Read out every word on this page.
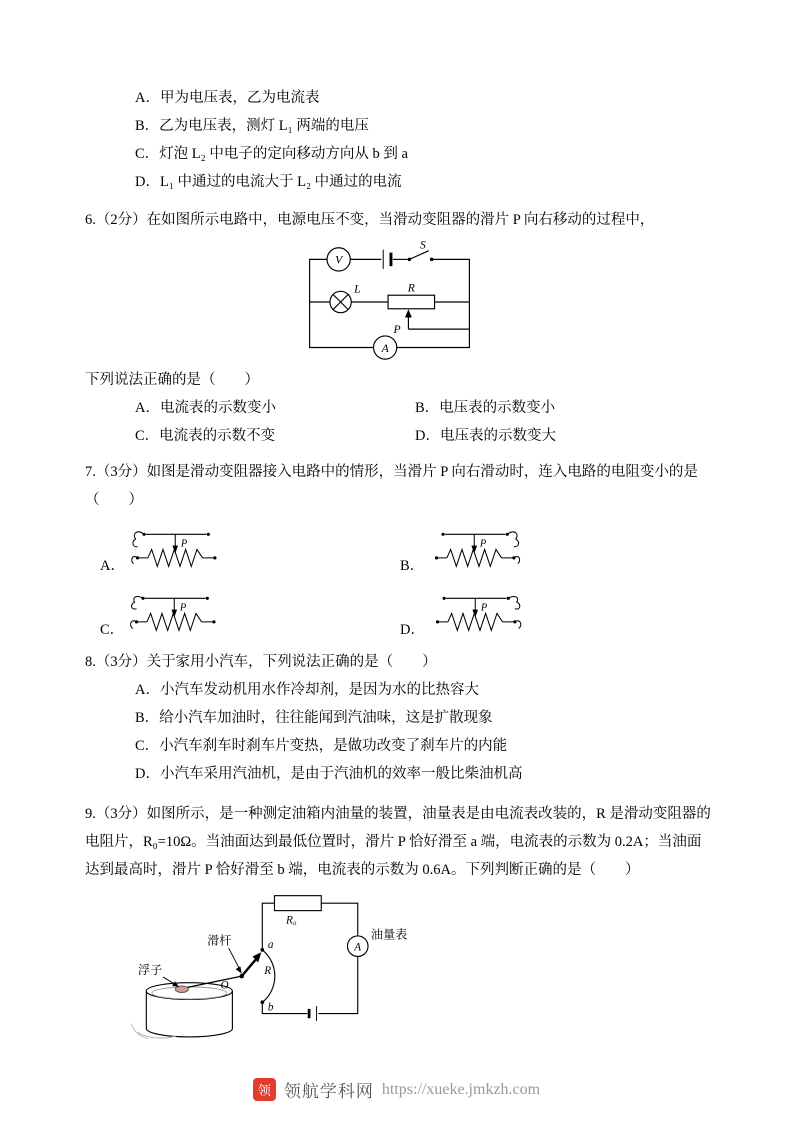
A．甲为电压表，乙为电流表
B．乙为电压表，测灯 L₁ 两端的电压
C．灯泡 L₂ 中电子的定向移动方向从 b 到 a
D．L₁ 中通过的电流大于 L₂ 中通过的电流

6.（2分）在如图所示电路中，电源电压不变，当滑动变阻器的滑片 P 向右移动的过程中，

V
S
L	R
P
A

下列说法正确的是（　　）

A．电流表的示数变小	B．电压表的示数变小
C．电流表的示数不变	D．电压表的示数变大

7.（3分）如图是滑动变阻器接入电路中的情形，当滑片 P 向右滑动时，连入电路的电阻变小的是（　　）

A．
P
B．
P
C．
P
D．
P

8.（3分）关于家用小汽车，下列说法正确的是（　　）

A．小汽车发动机用水作冷却剂，是因为水的比热容大
B．给小汽车加油时，往往能闻到汽油味，这是扩散现象
C．小汽车刹车时刹车片变热，是做功改变了刹车片的内能
D．小汽车采用汽油机，是由于汽油机的效率一般比柴油机高

9.（3分）如图所示，是一种测定油箱内油量的装置，油量表是由电流表改装的，R 是滑动变阻器的电阻片，R₀=10Ω。当油面达到最低位置时，滑片 P 恰好滑至 a 端，电流表的示数为 0.2A；当油面达到最高时，滑片 P 恰好滑至 b 端，电流表的示数为 0.6A。下列判断正确的是（　　）

R₀
油量表
A
a
b
O
R
滑杆
浮子
领 领航学科网 https://xueke.jmkzh.com
